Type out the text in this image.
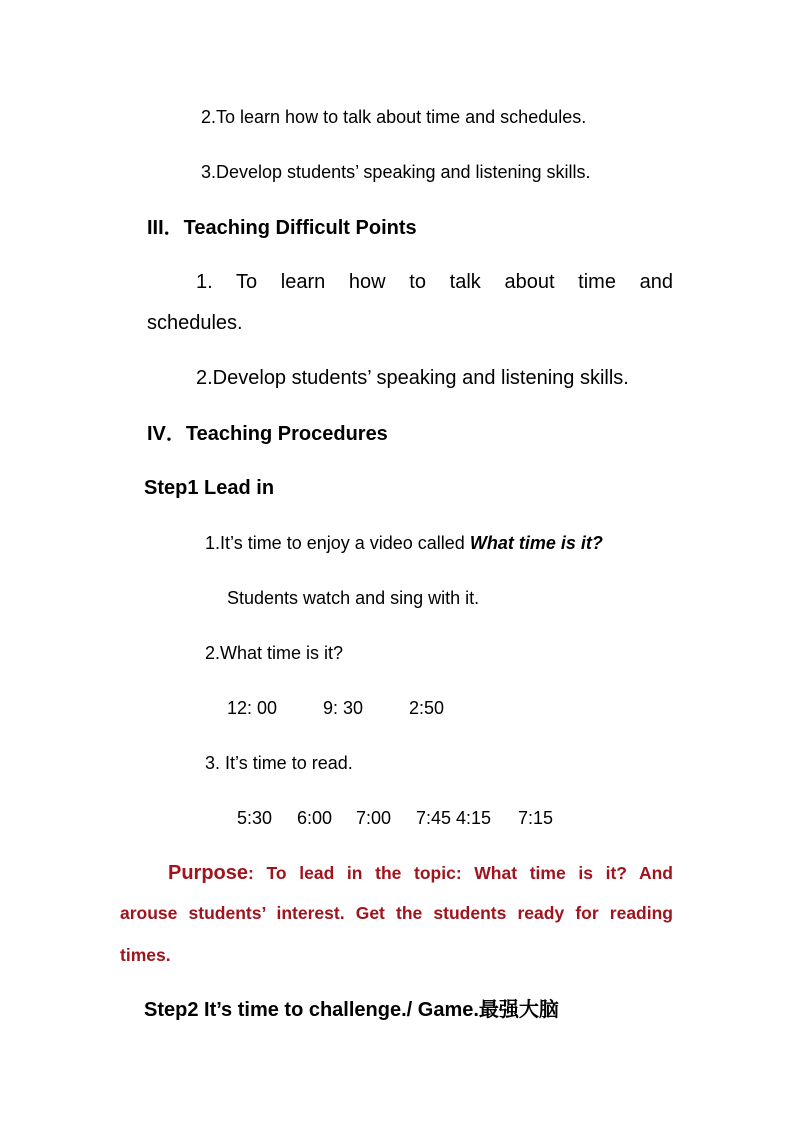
2.To learn how to talk about time and schedules.
3.Develop students’ speaking and listening skills.
III．Teaching Difficult Points
1. To learn how to talk about time and
schedules.
2.Develop students’ speaking and listening skills.
IV．Teaching Procedures
Step1 Lead in
1.It’s time to enjoy a video called What time is it?
Students watch and sing with it.
2.What time is it?
12: 00	9: 30	2:50
3. It’s time to read.
5:30 6:00 7:00 7:45 4:15 7:15
Purpose : To lead in the topic: What time is it? And
arouse students’ interest. Get the students ready for reading
times.
Step2 It’s time to challenge./ Game.最强大脑
